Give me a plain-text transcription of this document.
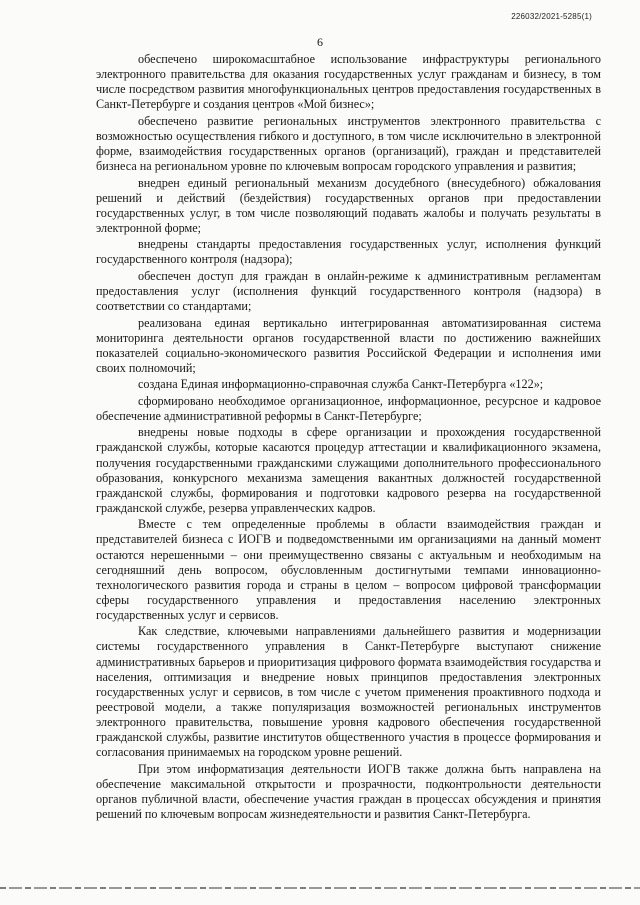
226032/2021-5285(1)
6

обеспечено широкомасштабное использование инфраструктуры регионального электронного правительства для оказания государственных услуг гражданам и бизнесу, в том числе посредством развития многофункциональных центров предоставления государственных в Санкт-Петербурге и создания центров «Мой бизнес»;

обеспечено развитие региональных инструментов электронного правительства с возможностью осуществления гибкого и доступного, в том числе исключительно в электронной форме, взаимодействия государственных органов (организаций), граждан и представителей бизнеса на региональном уровне по ключевым вопросам городского управления и развития;

внедрен единый региональный механизм досудебного (внесудебного) обжалования решений и действий (бездействия) государственных органов при предоставлении государственных услуг, в том числе позволяющий подавать жалобы и получать результаты в электронной форме;

внедрены стандарты предоставления государственных услуг, исполнения функций государственного контроля (надзора);

обеспечен доступ для граждан в онлайн-режиме к административным регламентам предоставления услуг (исполнения функций государственного контроля (надзора) в соответствии со стандартами;

реализована единая вертикально интегрированная автоматизированная система мониторинга деятельности органов государственной власти по достижению важнейших показателей социально-экономического развития Российской Федерации и исполнения ими своих полномочий;

создана Единая информационно-справочная служба Санкт-Петербурга «122»;

сформировано необходимое организационное, информационное, ресурсное и кадровое обеспечение административной реформы в Санкт-Петербурге;

внедрены новые подходы в сфере организации и прохождения государственной гражданской службы, которые касаются процедур аттестации и квалификационного экзамена, получения государственными гражданскими служащими дополнительного профессионального образования, конкурсного механизма замещения вакантных должностей государственной гражданской службы, формирования и подготовки кадрового резерва на государственной гражданской службе, резерва управленческих кадров.

Вместе с тем определенные проблемы в области взаимодействия граждан и представителей бизнеса с ИОГВ и подведомственными им организациями на данный момент остаются нерешенными – они преимущественно связаны с актуальным и необходимым на сегодняшний день вопросом, обусловленным достигнутыми темпами инновационно-технологического развития города и страны в целом – вопросом цифровой трансформации сферы государственного управления и предоставления населению электронных государственных услуг и сервисов.

Как следствие, ключевыми направлениями дальнейшего развития и модернизации системы государственного управления в Санкт-Петербурге выступают снижение административных барьеров и приоритизация цифрового формата взаимодействия государства и населения, оптимизация и внедрение новых принципов предоставления электронных государственных услуг и сервисов, в том числе с учетом применения проактивного подхода и реестровой модели, а также популяризация возможностей региональных инструментов электронного правительства, повышение уровня кадрового обеспечения государственной гражданской службы, развитие институтов общественного участия в процессе формирования и согласования принимаемых на городском уровне решений.

При этом информатизация деятельности ИОГВ также должна быть направлена на обеспечение максимальной открытости и прозрачности, подконтрольности деятельности органов публичной власти, обеспечение участия граждан в процессах обсуждения и принятия решений по ключевым вопросам жизнедеятельности и развития Санкт-Петербурга.
